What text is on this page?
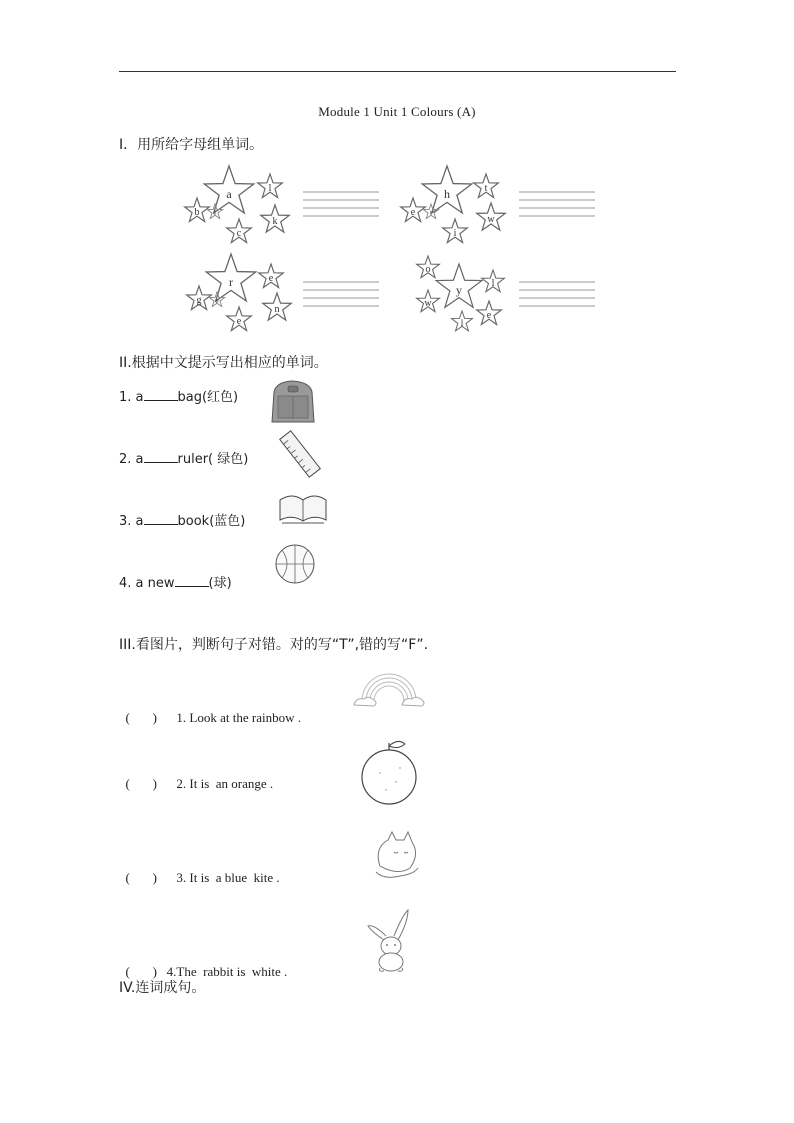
Module 1 Unit 1 Colours (A)
I．用所给字母组单词。
a	l
b
k
c
l
h	t
e
w
i
t
r	e
g
n
e
e
o
y
w
l
e
l
II.根据中文提示写出相应的单词。
1. a	bag(红色)
2. a	ruler( 绿色)
3. a	book(蓝色)
4. a new	(球)
III.看图片，判断句子对错。对的写“T”,错的写“F”.

(       ) 1. Look at the rainbow .

(       ) 2. It is  an orange .

(       ) 3. It is  a blue  kite .

(       ) 4.The  rabbit is  white .

IV.连词成句。
